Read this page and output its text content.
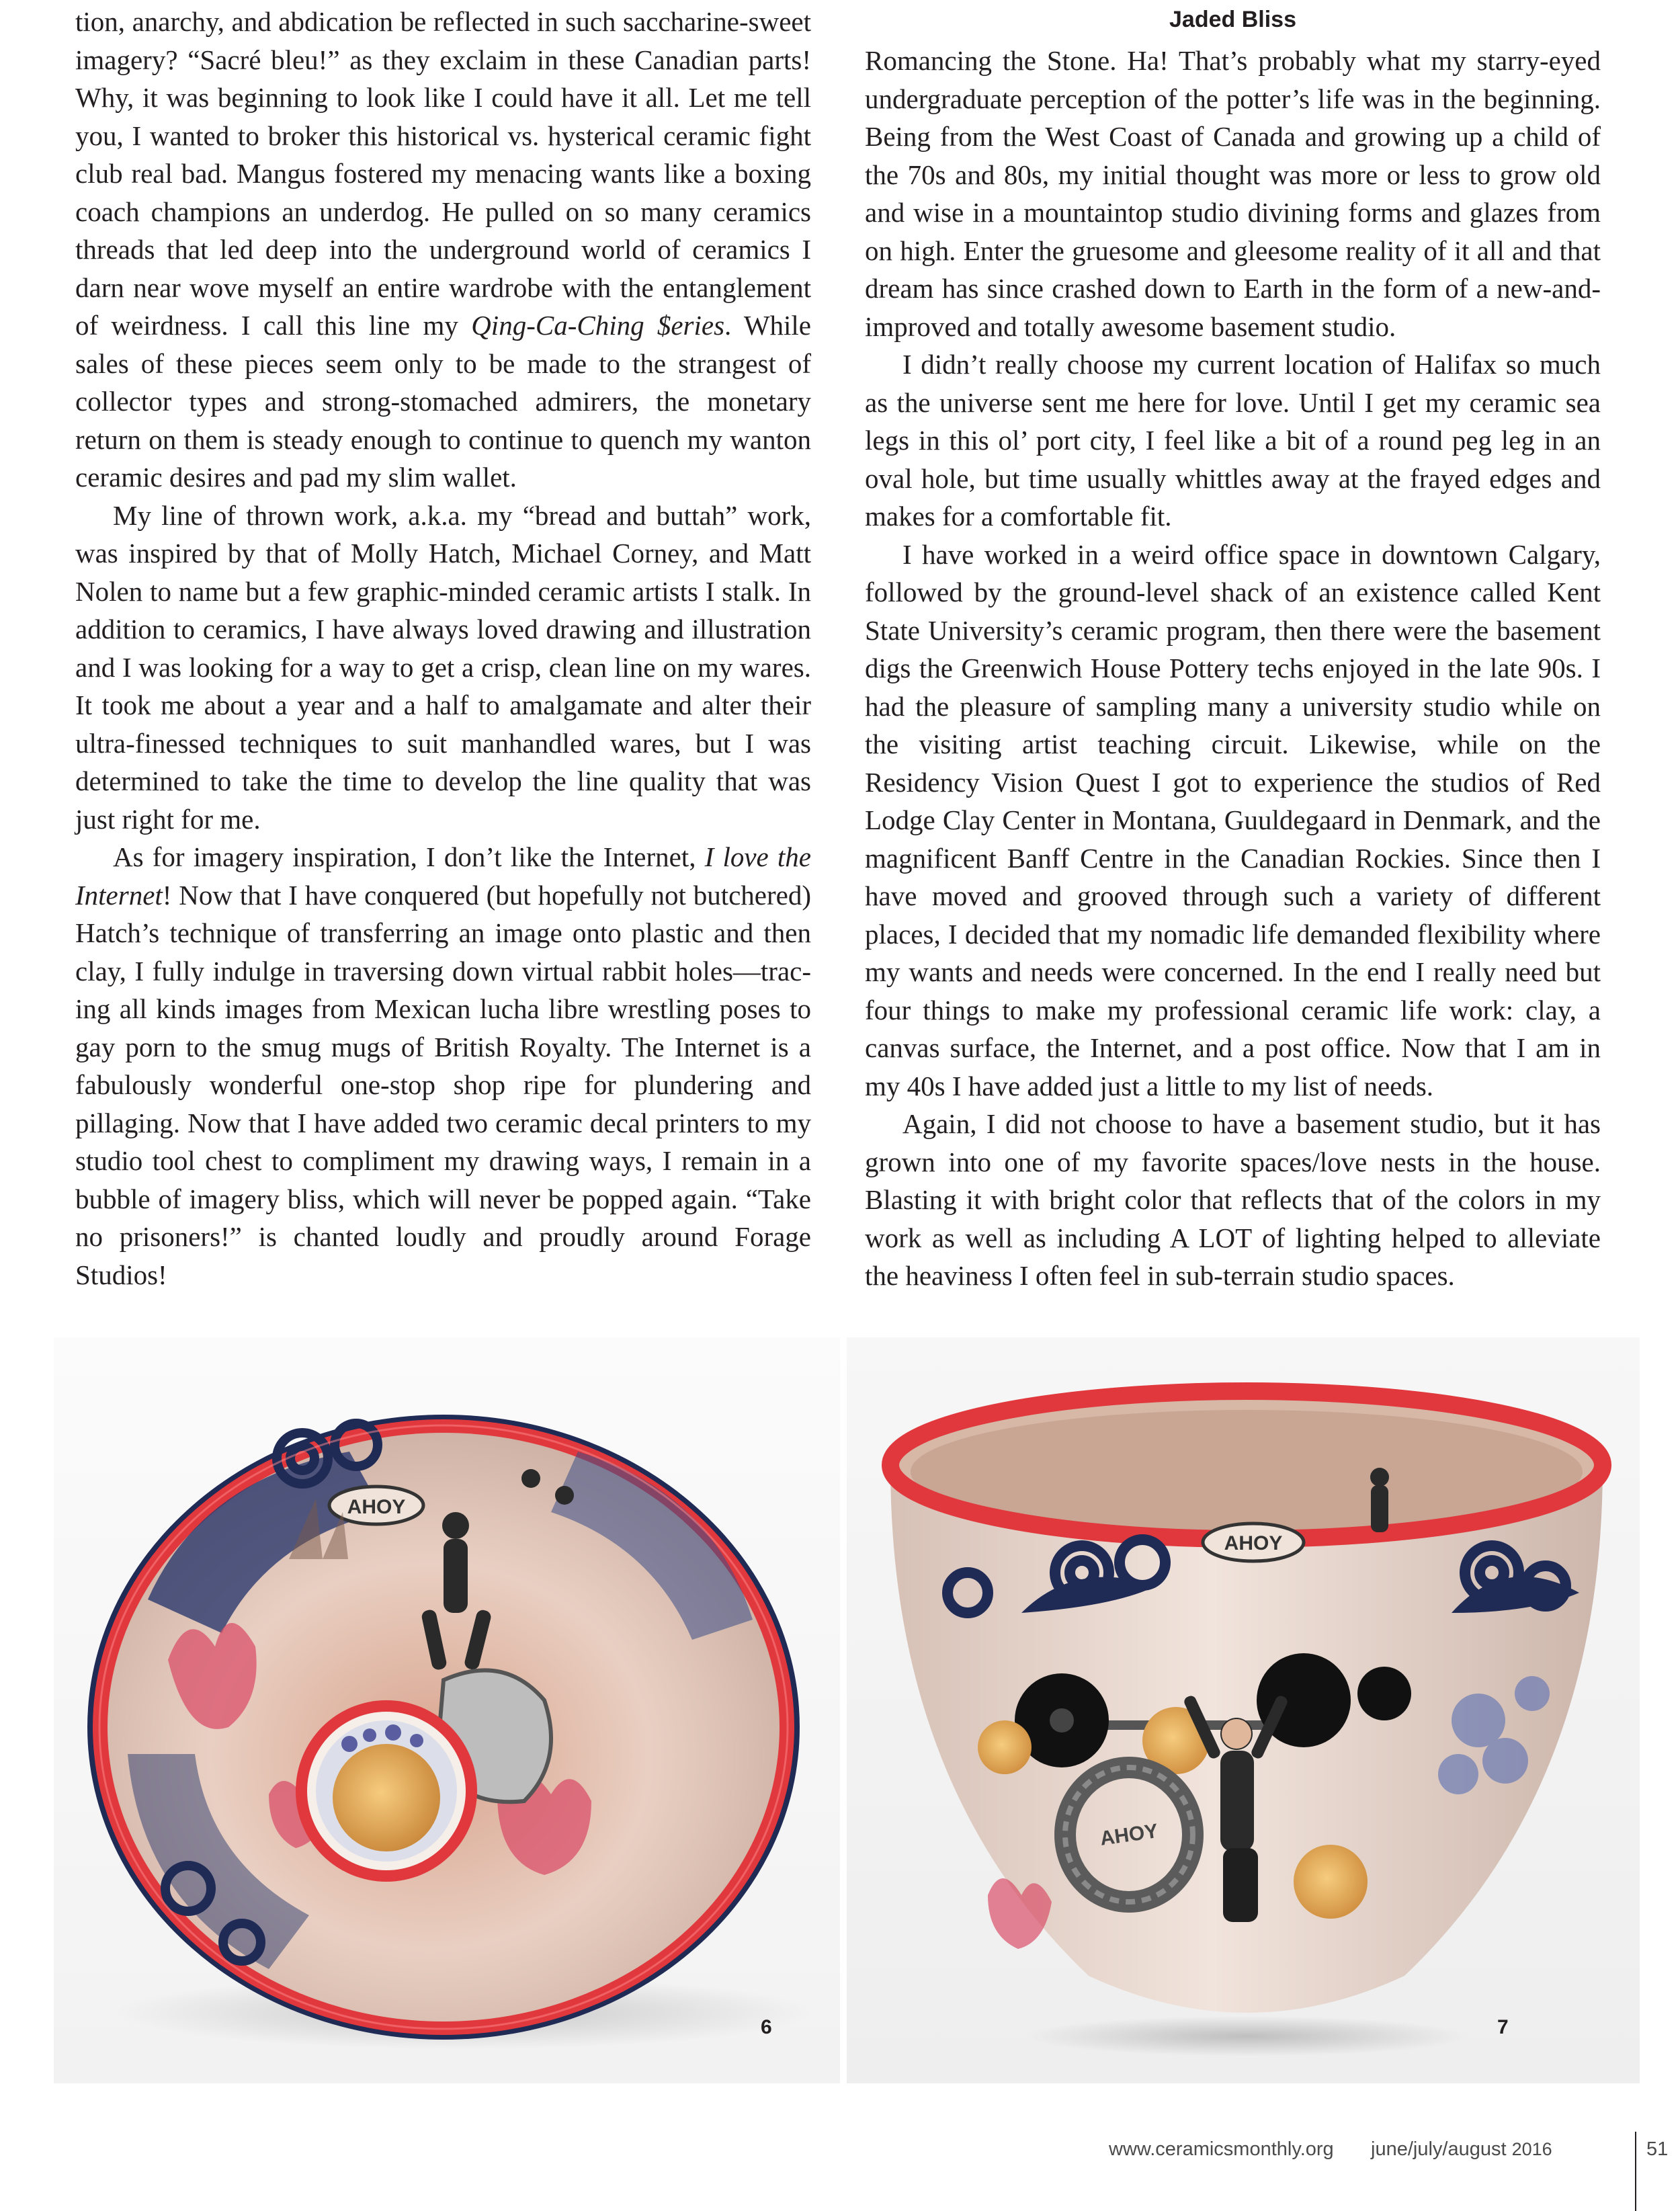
Jaded Bliss

tion, anarchy, and abdication be reflected in such saccharine-sweet imagery? “Sacré bleu!” as they exclaim in these Canadian parts! Why, it was beginning to look like I could have it all. Let me tell you, I wanted to broker this historical vs. hysterical ceramic fight club real bad. Mangus fostered my menacing wants like a boxing coach champions an underdog. He pulled on so many ceramics threads that led deep into the underground world of ceramics I darn near wove myself an entire wardrobe with the entanglement of weirdness. I call this line my Qing-Ca-Ching $eries. While sales of these pieces seem only to be made to the strangest of collector types and strong-stomached admirers, the monetary return on them is steady enough to continue to quench my wanton ceramic desires and pad my slim wallet.

My line of thrown work, a.k.a. my “bread and buttah” work, was inspired by that of Molly Hatch, Michael Corney, and Matt Nolen to name but a few graphic-minded ceramic artists I stalk. In addition to ceramics, I have always loved drawing and illustration and I was looking for a way to get a crisp, clean line on my wares. It took me about a year and a half to amalgamate and alter their ultra-finessed techniques to suit manhandled wares, but I was determined to take the time to develop the line quality that was just right for me.

As for imagery inspiration, I don’t like the Internet, I love the Internet! Now that I have conquered (but hopefully not butchered) Hatch’s technique of transferring an image onto plastic and then clay, I fully indulge in traversing down virtual rabbit holes—tracing all kinds images from Mexican lucha libre wrestling poses to gay porn to the smug mugs of British Royalty. The Internet is a fabulously wonderful one-stop shop ripe for plundering and pillaging. Now that I have added two ceramic decal printers to my studio tool chest to compliment my drawing ways, I remain in a bubble of imagery bliss, which will never be popped again. “Take no prisoners!” is chanted loudly and proudly around Forage Studios!

Romancing the Stone. Ha! That’s probably what my starry-eyed undergraduate perception of the potter’s life was in the beginning. Being from the West Coast of Canada and growing up a child of the 70s and 80s, my initial thought was more or less to grow old and wise in a mountaintop studio divining forms and glazes from on high. Enter the gruesome and gleesome reality of it all and that dream has since crashed down to Earth in the form of a new-and-improved and totally awesome basement studio.

I didn’t really choose my current location of Halifax so much as the universe sent me here for love. Until I get my ceramic sea legs in this ol’ port city, I feel like a bit of a round peg leg in an oval hole, but time usually whittles away at the frayed edges and makes for a comfortable fit.

I have worked in a weird office space in downtown Calgary, followed by the ground-level shack of an existence called Kent State University’s ceramic program, then there were the basement digs the Greenwich House Pottery techs enjoyed in the late 90s. I had the pleasure of sampling many a university studio while on the visiting artist teaching circuit. Likewise, while on the Residency Vision Quest I got to experience the studios of Red Lodge Clay Center in Montana, Guuldegaard in Denmark, and the magnificent Banff Centre in the Canadian Rockies. Since then I have moved and grooved through such a variety of different places, I decided that my nomadic life demanded flexibility where my wants and needs were concerned. In the end I really need but four things to make my professional ceramic life work: clay, a canvas surface, the Internet, and a post office. Now that I am in my 40s I have added just a little to my list of needs.

Again, I did not choose to have a basement studio, but it has grown into one of my favorite spaces/love nests in the house. Blasting it with bright color that reflects that of the colors in my work as well as including A LOT of lighting helped to alleviate the heaviness I often feel in sub-terrain studio spaces.

AHOY
AHOY
AHOY
6	7
www.ceramicsmonthly.org june/july/august 2016	51
